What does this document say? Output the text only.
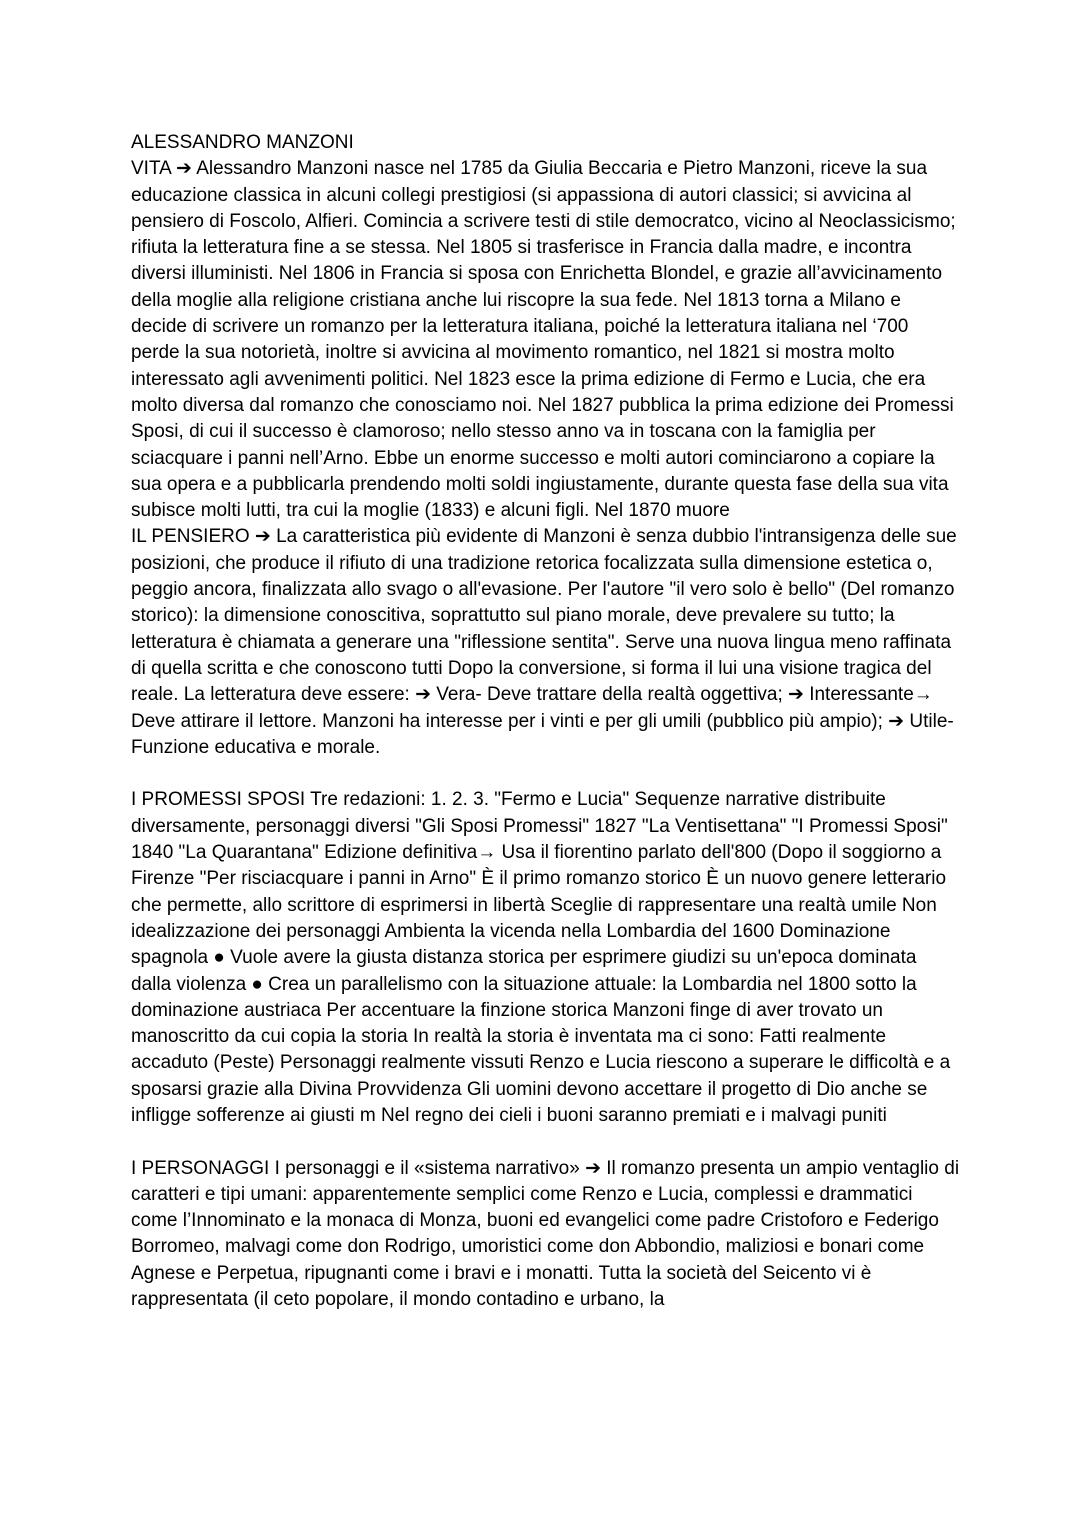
ALESSANDRO MANZONI

VITA ➔ Alessandro Manzoni nasce nel 1785 da Giulia Beccaria e Pietro Manzoni, riceve la sua educazione classica in alcuni collegi prestigiosi (si appassiona di autori classici; si avvicina al pensiero di Foscolo, Alfieri. Comincia a scrivere testi di stile democratco, vicino al Neoclassicismo; rifiuta la letteratura fine a se stessa. Nel 1805 si trasferisce in Francia dalla madre, e incontra diversi illuministi. Nel 1806 in Francia si sposa con Enrichetta Blondel, e grazie all’avvicinamento della moglie alla religione cristiana anche lui riscopre la sua fede. Nel 1813 torna a Milano e decide di scrivere un romanzo per la letteratura italiana, poiché la letteratura italiana nel ‘700 perde la sua notorietà, inoltre si avvicina al movimento romantico, nel 1821 si mostra molto interessato agli avvenimenti politici. Nel 1823 esce la prima edizione di Fermo e Lucia, che era molto diversa dal romanzo che conosciamo noi. Nel 1827 pubblica la prima edizione dei Promessi Sposi, di cui il successo è clamoroso; nello stesso anno va in toscana con la famiglia per sciacquare i panni nell’Arno. Ebbe un enorme successo e molti autori cominciarono a copiare la sua opera e a pubblicarla prendendo molti soldi ingiustamente, durante questa fase della sua vita subisce molti lutti, tra cui la moglie (1833) e alcuni figli. Nel 1870 muore

IL PENSIERO ➔ La caratteristica più evidente di Manzoni è senza dubbio l'intransigenza delle sue posizioni, che produce il rifiuto di una tradizione retorica focalizzata sulla dimensione estetica o, peggio ancora, finalizzata allo svago o all'evasione. Per l'autore "il vero solo è bello" (Del romanzo storico): la dimensione conoscitiva, soprattutto sul piano morale, deve prevalere su tutto; la letteratura è chiamata a generare una "riflessione sentita". Serve una nuova lingua meno raffinata di quella scritta e che conoscono tutti Dopo la conversione, si forma il lui una visione tragica del reale. La letteratura deve essere: ➔ Vera- Deve trattare della realtà oggettiva; ➔ Interessante→ Deve attirare il lettore. Manzoni ha interesse per i vinti e per gli umili (pubblico più ampio); ➔ Utile- Funzione educativa e morale.

I PROMESSI SPOSI Tre redazioni: 1. 2. 3. "Fermo e Lucia" Sequenze narrative distribuite diversamente, personaggi diversi "Gli Sposi Promessi" 1827 "La Ventisettana" "I Promessi Sposi" 1840 "La Quarantana" Edizione definitiva→ Usa il fiorentino parlato dell'800 (Dopo il soggiorno a Firenze "Per risciacquare i panni in Arno" È il primo romanzo storico È un nuovo genere letterario che permette, allo scrittore di esprimersi in libertà Sceglie di rappresentare una realtà umile Non idealizzazione dei personaggi Ambienta la vicenda nella Lombardia del 1600 Dominazione spagnola ● Vuole avere la giusta distanza storica per esprimere giudizi su un'epoca dominata dalla violenza ● Crea un parallelismo con la situazione attuale: la Lombardia nel 1800 sotto la dominazione austriaca Per accentuare la finzione storica Manzoni finge di aver trovato un manoscritto da cui copia la storia In realtà la storia è inventata ma ci sono: Fatti realmente accaduto (Peste) Personaggi realmente vissuti Renzo e Lucia riescono a superare le difficoltà e a sposarsi grazie alla Divina Provvidenza Gli uomini devono accettare il progetto di Dio anche se infligge sofferenze ai giusti m Nel regno dei cieli i buoni saranno premiati e i malvagi puniti

I PERSONAGGI I personaggi e il «sistema narrativo» ➔ Il romanzo presenta un ampio ventaglio di caratteri e tipi umani: apparentemente semplici come Renzo e Lucia, complessi e drammatici come l’Innominato e la monaca di Monza, buoni ed evangelici come padre Cristoforo e Federigo Borromeo, malvagi come don Rodrigo, umoristici come don Abbondio, maliziosi e bonari come Agnese e Perpetua, ripugnanti come i bravi e i monatti. Tutta la società del Seicento vi è rappresentata (il ceto popolare, il mondo contadino e urbano, la
